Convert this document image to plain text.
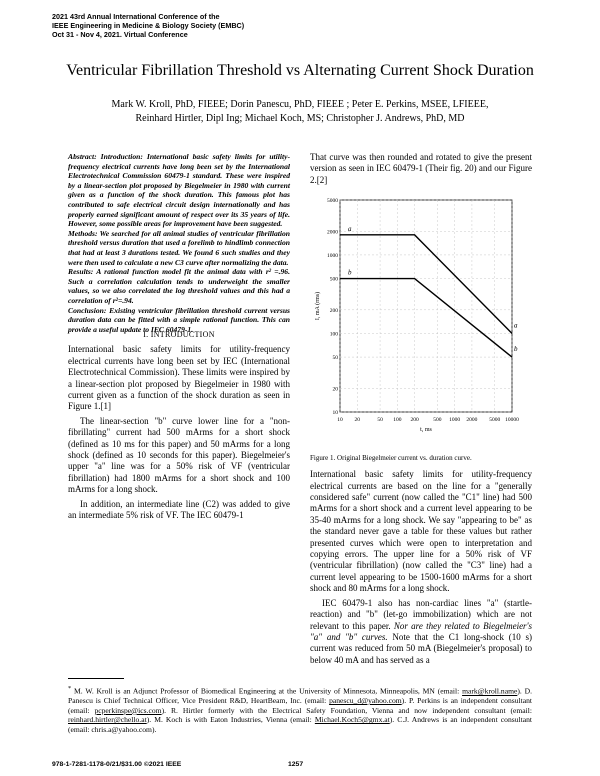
2021 43rd Annual International Conference of the
IEEE Engineering in Medicine & Biology Society (EMBC)
Oct 31 - Nov 4, 2021. Virtual Conference
Ventricular Fibrillation Threshold vs Alternating Current Shock Duration
Mark W. Kroll, PhD, FIEEE; Dorin Panescu, PhD, FIEEE ; Peter E. Perkins, MSEE, LFIEEE,
Reinhard Hirtler, Dipl Ing; Michael Koch, MS; Christopher J. Andrews, PhD, MD

Abstract: Introduction: International basic safety limits for utility-frequency electrical currents have long been set by the International Electrotechnical Commission 60479-1 standard. These were inspired by a linear-section plot proposed by Biegelmeier in 1980 with current given as a function of the shock duration. This famous plot has contributed to safe electrical circuit design internationally and has properly earned significant amount of respect over its 35 years of life. However, some possible areas for improvement have been suggested.

Methods: We searched for all animal studies of ventricular fibrillation threshold versus duration that used a forelimb to hindlimb connection that had at least 3 durations tested. We found 6 such studies and they were then used to calculate a new C3 curve after normalizing the data.

Results: A rational function model fit the animal data with r² =.96. Such a correlation calculation tends to underweight the smaller values, so we also correlated the log threshold values and this had a correlation of r²=.94.

Conclusion: Existing ventricular fibrillation threshold current versus duration data can be fitted with a simple rational function. This can provide a useful update to IEC 60479-1.

I. INTRODUCTION

International basic safety limits for utility-frequency electrical currents have long been set by IEC (International Electrotechnical Commission). These limits were inspired by a linear-section plot proposed by Biegelmeier in 1980 with current given as a function of the shock duration as seen in Figure 1.[1]

The linear-section "b" curve lower line for a "non-fibrillating" current had 500 mArms for a short shock (defined as 10 ms for this paper) and 50 mArms for a long shock (defined as 10 seconds for this paper). Biegelmeier's upper "a" line was for a 50% risk of VF (ventricular fibrillation) had 1800 mArms for a short shock and 100 mArms for a long shock.

In addition, an intermediate line (C2) was added to give an intermediate 5% risk of VF. The IEC 60479-1

That curve was then rounded and rotated to give the present version as seen in IEC 60479-1 (Their fig. 20) and our Figure 2.[2]

10 20	50 100 200	500 1000 2000 5000 10000
5000
2000
1000
500
200
100
50
20
10
a
a
b
b
t, ms
I, mA (rms)
Figure 1. Original Biegelmeier current vs. duration curve.

International basic safety limits for utility-frequency electrical currents are based on the line for a "generally considered safe" current (now called the "C1" line) had 500 mArms for a short shock and a current level appearing to be 35-40 mArms for a long shock. We say "appearing to be" as the standard never gave a table for these values but rather presented curves which were open to interpretation and copying errors. The upper line for a 50% risk of VF (ventricular fibrillation) (now called the "C3" line) had a current level appearing to be 1500-1600 mArms for a short shock and 80 mArms for a long shock.

IEC 60479-1 also has non-cardiac lines "a" (startle-reaction) and "b" (let-go immobilization) which are not relevant to this paper. Nor are they related to Biegelmeier's "a" and "b" curves. Note that the C1 long-shock (10 s) current was reduced from 50 mA (Biegelmeier's proposal) to below 40 mA and has served as a

* M. W. Kroll is an Adjunct Professor of Biomedical Engineering at the University of Minnesota, Minneapolis, MN (email: mark@kroll.name). D. Panescu is Chief Technical Officer, Vice President R&D, HeartBeam, Inc. (email: panescu_d@yahoo.com). P. Perkins is an independent consultant (email: pcperkinspe@ics.com). R. Hirtler formerly with the Electrical Safety Foundation, Vienna and now independent consultant (email: reinhard.hirtler@chello.at). M. Koch is with Eaton Industries, Vienna (email: Michael.Koch5@gmx.at). C.J. Andrews is an independent consultant (email: chris.a@yahoo.com).
978-1-7281-1178-0/21/$31.00 ©2021 IEEE	1257
